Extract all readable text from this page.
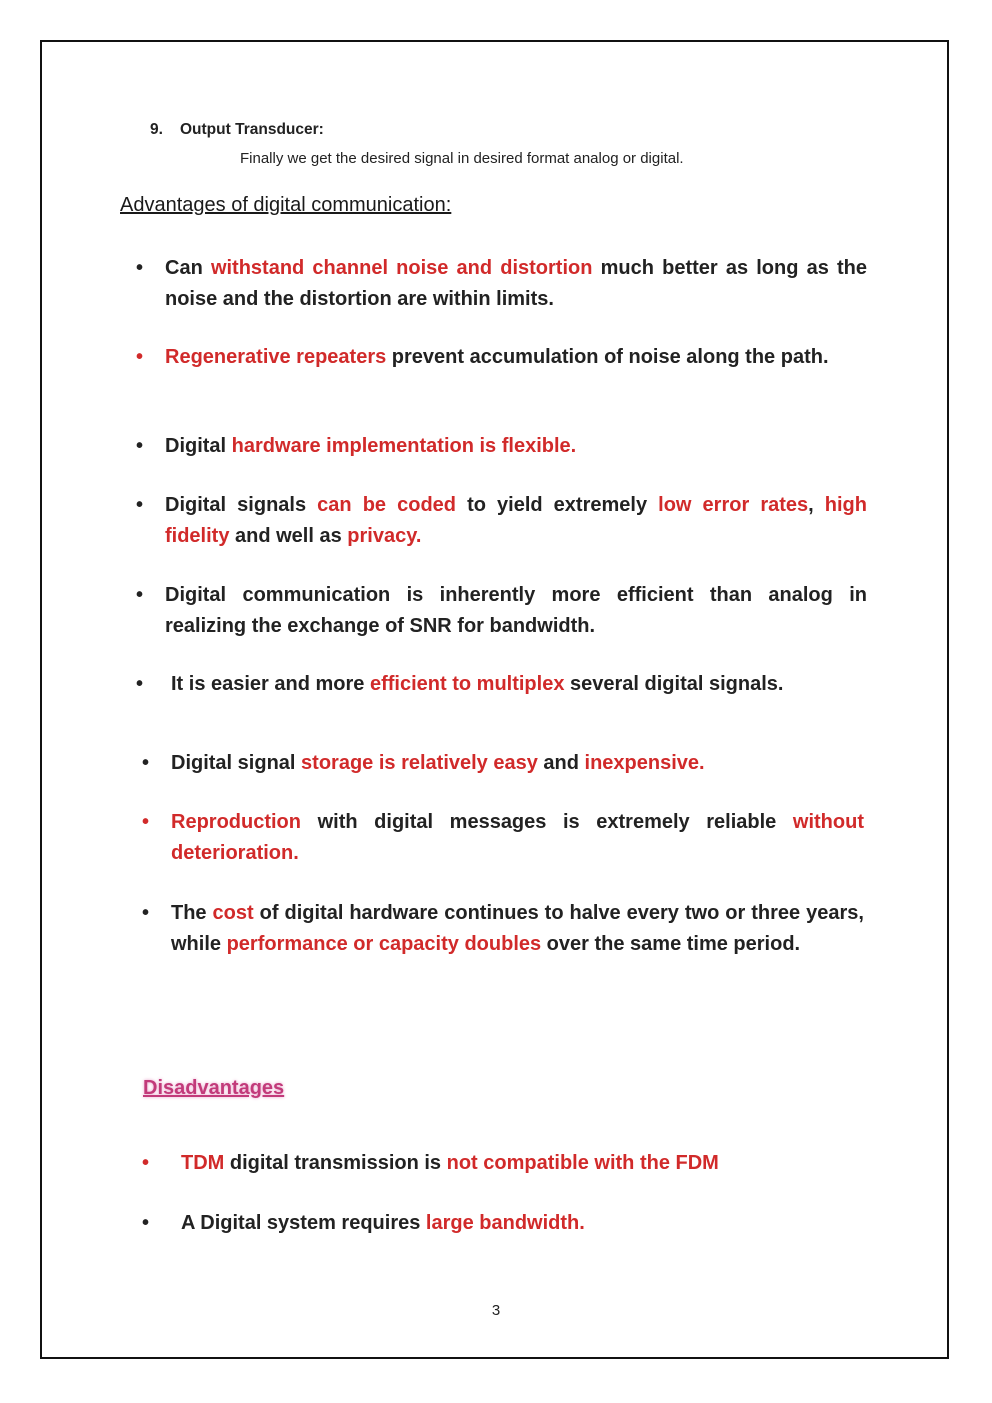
9. Output Transducer:
Finally we get the desired signal in desired format analog or digital.
Advantages of digital communication:
• Can withstand channel noise and distortion much better as long as the noise and the distortion are within limits.
• Regenerative repeaters prevent accumulation of noise along the path.
• Digital hardware implementation is flexible.
• Digital signals can be coded to yield extremely low error rates, high fidelity and well as privacy.
• Digital communication is inherently more efficient than analog in realizing the exchange of SNR for bandwidth.
• It is easier and more efficient to multiplex several digital signals.
• Digital signal storage is relatively easy and inexpensive.
• Reproduction with digital messages is extremely reliable without deterioration.
• The cost of digital hardware continues to halve every two or three years, while performance or capacity doubles over the same time period.
Disadvantages
• TDM digital transmission is not compatible with the FDM
• A Digital system requires large bandwidth.
3
